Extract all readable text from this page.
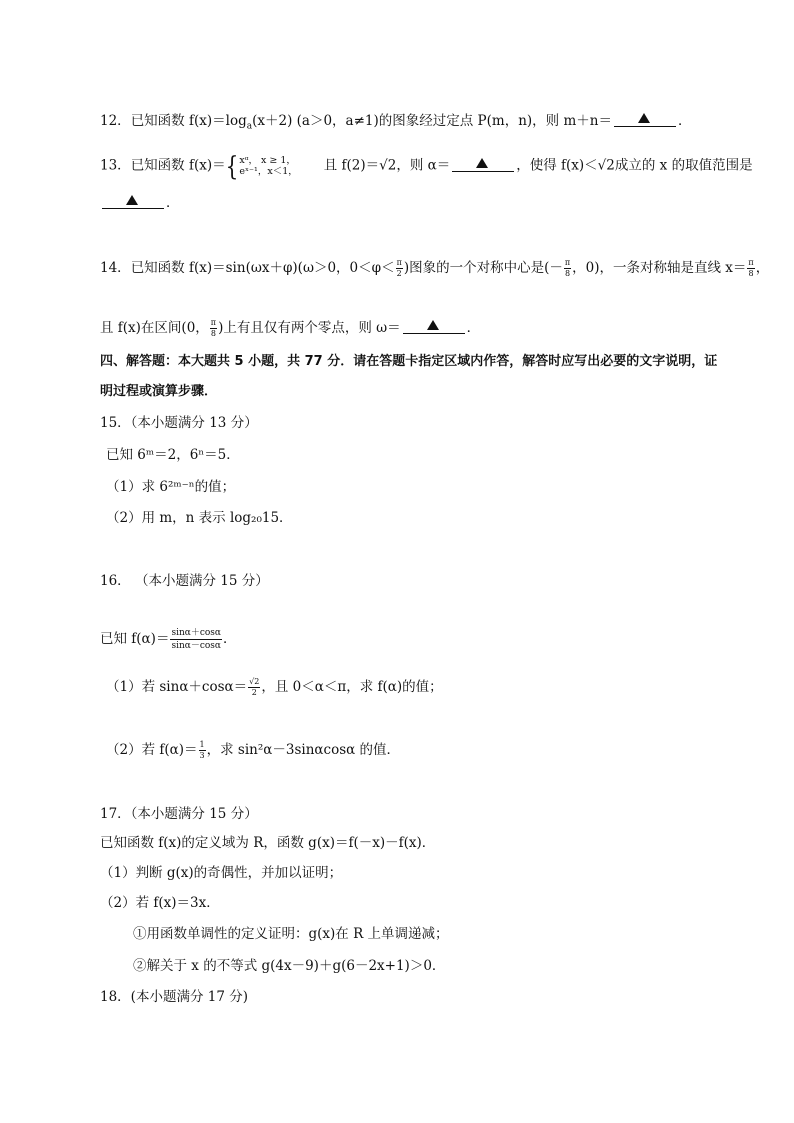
12．已知函数 $f(x)=\log_a(x+2)$ (a＞0，a≠1)的图象经过定点 P(m，n)，则 m＋n＝	．
13．已知函数 f(x)＝{xᵅ， x ≥ 1，
eˣ⁻¹，x＜1， 且 f(2)＝√2，则 α＝	，使得 f(x)＜√2成立的 x 的取值范围是
．
14．已知函数 f(x)＝sin(ωx＋φ)(ω＞0，$0<\varphi< \frac{\pi}{2}$ )图象的一个对称中心是(－ $\frac{\pi}{8}$ ，0)，一条对称轴是直线 $x= \frac{\pi}{8}$ ，
且 f(x)在区间(0， $\frac{\pi}{8}$ )上有且仅有两个零点，则 ω＝	．
四、解答题：本大题共 5 小题，共 77 分．请在答题卡指定区域内作答，解答时应写出必要的文字说明，证
明过程或演算步骤．
15．（本小题满分 13 分）
已知 6ᵐ＝2，6ⁿ＝5．
（1）求 6²ᵐ⁻ⁿ的值；
（2）用 m，n 表示 log₂₀15．
16． （本小题满分 15 分）
已知 $f(\alpha)= \frac{\sin\alpha+\cos\alpha}{\sin\alpha-\cos\alpha}$ ．
（1）若 $\sin\alpha+\cos\alpha= \frac{√2}{2}$ ，且 0＜α＜π，求 f(α)的值；
（2）若 $f(\alpha)= \frac{1}{3}$ ，求 sin²α－3sinαcosα 的值．
17．（本小题满分 15 分）
已知函数 f(x)的定义域为 R，函数 g(x)＝f(－x)－f(x)．
（1）判断 g(x)的奇偶性，并加以证明；
（2）若 f(x)＝3x．
①用函数单调性的定义证明：g(x)在 R 上单调递减；
②解关于 x 的不等式 g(4x－9)＋g(6－2x+1)＞0．
18．(本小题满分 17 分)
